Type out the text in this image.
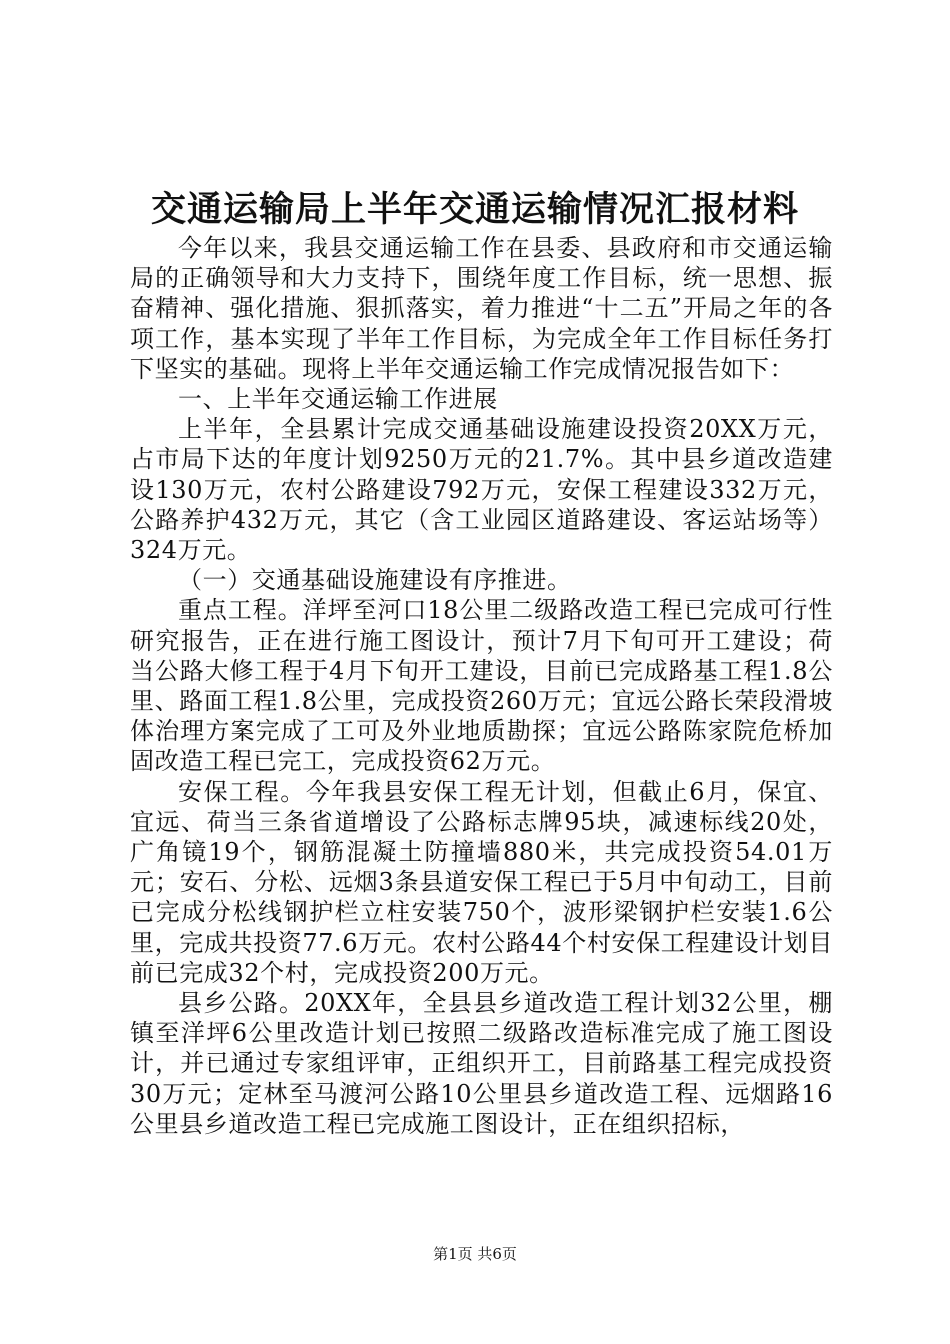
交通运输局上半年交通运输情况汇报材料

今年以来，我县交通运输工作在县委、县政府和市交通运输局的正确领导和大力支持下，围绕年度工作目标，统一思想、振奋精神、强化措施、狠抓落实，着力推进“十二五”开局之年的各项工作，基本实现了半年工作目标，为完成全年工作目标任务打下坚实的基础。现将上半年交通运输工作完成情况报告如下：

一、上半年交通运输工作进展

上半年，全县累计完成交通基础设施建设投资20XX万元，占市局下达的年度计划9250万元的21.7%。其中县乡道改造建设130万元，农村公路建设792万元，安保工程建设332万元，公路养护432万元，其它（含工业园区道路建设、客运站场等）324万元。

（一）交通基础设施建设有序推进。

重点工程。洋坪至河口18公里二级路改造工程已完成可行性研究报告，正在进行施工图设计，预计7月下旬可开工建设；荷当公路大修工程于4月下旬开工建设，目前已完成路基工程1.8公里、路面工程1.8公里，完成投资260万元；宜远公路长荣段滑坡体治理方案完成了工可及外业地质勘探；宜远公路陈家院危桥加固改造工程已完工，完成投资62万元。

安保工程。今年我县安保工程无计划，但截止6月，保宜、宜远、荷当三条省道增设了公路标志牌95块，减速标线20处，广角镜19个，钢筋混凝土防撞墙880米，共完成投资54.01万元；安石、分松、远烟3条县道安保工程已于5月中旬动工，目前已完成分松线钢护栏立柱安装750个，波形梁钢护栏安装1.6公里，完成共投资77.6万元。农村公路44个村安保工程建设计划目前已完成32个村，完成投资200万元。

县乡公路。20XX年，全县县乡道改造工程计划32公里，棚镇至洋坪6公里改造计划已按照二级路改造标准完成了施工图设计，并已通过专家组评审，正组织开工，目前路基工程完成投资30万元；定林至马渡河公路10公里县乡道改造工程、远烟路16公里县乡道改造工程已完成施工图设计，正在组织招标，

第1页 共6页
